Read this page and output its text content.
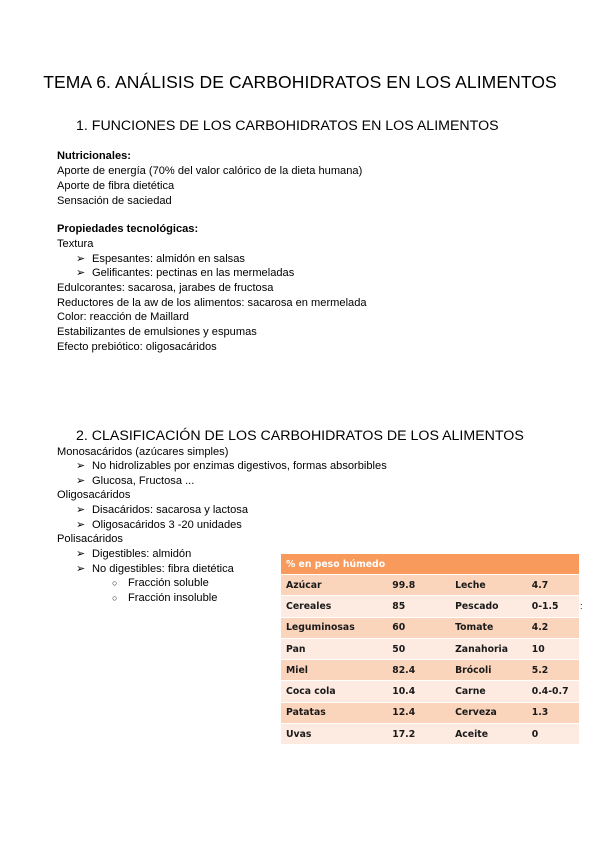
TEMA 6. ANÁLISIS DE CARBOHIDRATOS EN LOS ALIMENTOS
1. FUNCIONES DE LOS CARBOHIDRATOS EN LOS ALIMENTOS
Nutricionales:
Aporte de energía (70% del valor calórico de la dieta humana)
Aporte de fibra dietética
Sensación de saciedad
Propiedades tecnológicas:
Textura
➢ Espesantes: almidón en salsas
➢ Gelificantes: pectinas en las mermeladas
Edulcorantes: sacarosa, jarabes de fructosa
Reductores de la aw de los alimentos: sacarosa en mermelada
Color: reacción de Maillard
Estabilizantes de emulsiones y espumas
Efecto prebiótico: oligosacáridos
2. CLASIFICACIÓN DE LOS CARBOHIDRATOS DE LOS ALIMENTOS
Monosacáridos (azúcares simples)
➢ No hidrolizables por enzimas digestivos, formas absorbibles
➢ Glucosa, Fructosa ...
Oligosacáridos
➢ Disacáridos: sacarosa y lactosa
➢ Oligosacáridos 3 -20 unidades
Polisacáridos
➢ Digestibles: almidón
➢ No digestibles: fibra dietética
○ Fracción soluble
○ Fracción insoluble
% en peso húmedo			
Azúcar	99.8	Leche	4.7
Cereales	85	Pescado	0-1.5
Leguminosas	60	Tomate	4.2
Pan	50	Zanahoria	10
Miel	82.4	Brócoli	5.2
Coca cola	10.4	Carne	0.4-0.7
Patatas	12.4	Cerveza	1.3
Uvas	17.2	Aceite	0
:
